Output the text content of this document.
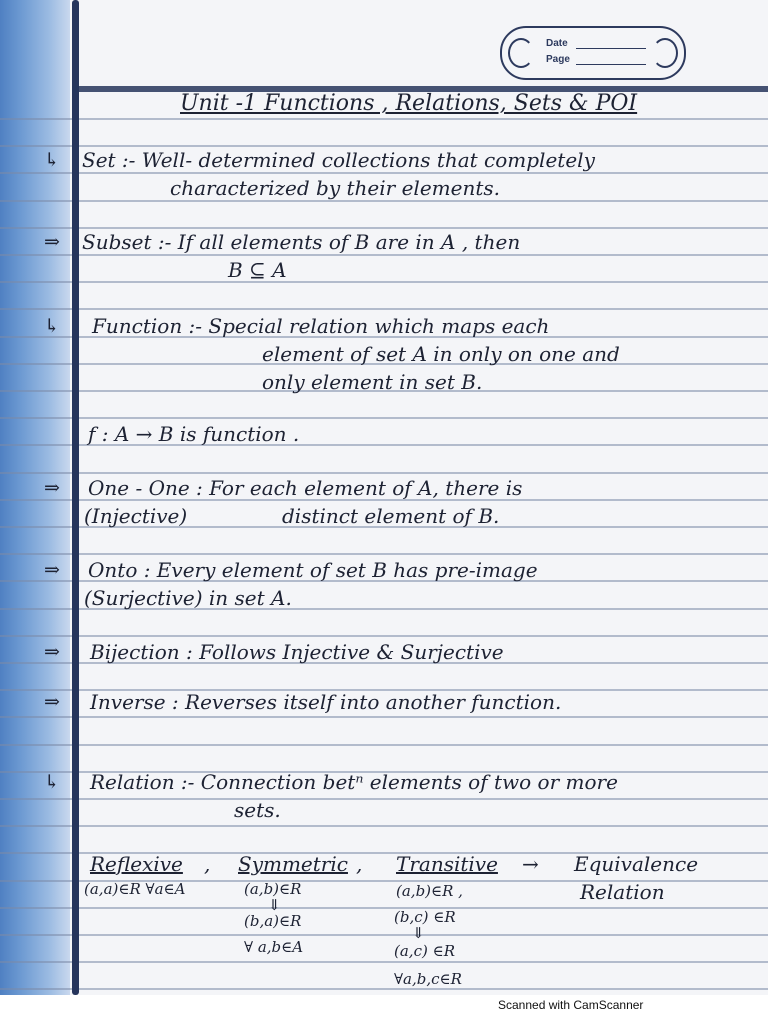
Date
Page
Unit -1 Functions , Relations, Sets & POI
↳ Set :- Well- determined collections that completely
characterized by their elements.
⇒ Subset :- If all elements of B are in A , then
B ⊆ A
↳ Function :- Special relation which maps each
element of set A in only on one and
only element in set B.
f : A → B is function .
⇒ One - One : For each element of A, there is
(Injective)	distinct element of B.
⇒ Onto : Every element of set B has pre-image
(Surjective) in set A.
⇒ Bijection : Follows Injective & Surjective
⇒ Inverse : Reverses itself into another function.
↳ Relation :- Connection betⁿ elements of two or more
sets.
Reflexive ,
(a,a)∈R ∀a∈A
Symmetric ,
(a,b)∈R
⇓
(b,a)∈R
∀ a,b∈A
Transitive →
(a,b)∈R ,
(b,c) ∈R
⇓
(a,c) ∈R
∀a,b,c∈R
Equivalence
Relation
Scanned with CamScanner
